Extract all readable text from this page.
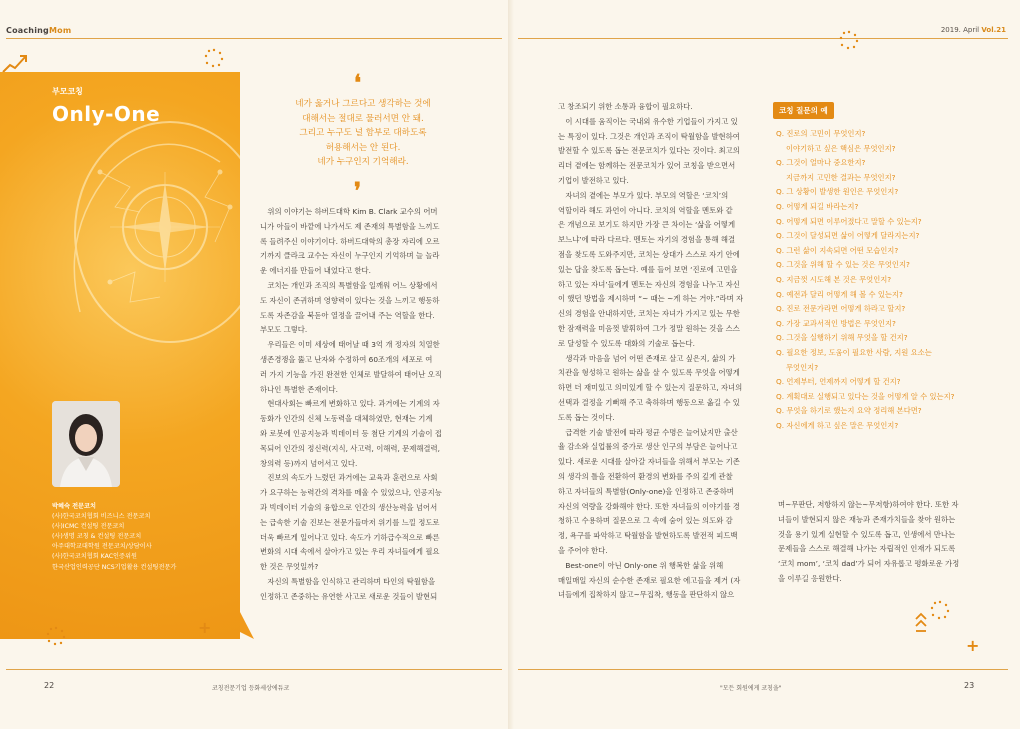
CoachingMom	2019. April Vol.21
부모코칭
Only-One
박혜숙 전문코치
(사)한국코치협회 비즈니스 전문코치
(사)ICMC 컨설팅 전문코치
(사)생명 코칭 & 컨설팅 전문코치
아주대학교대학원 전문코치/상담이사
(사)한국코치협회 KAC인증위원
한국산업인력공단 NCS기업활용 컨설팅전문가
❛
네가 옳거나 그르다고 생각하는 것에
대해서는 절대로 물러서면 안 돼.
그리고 누구도 널 함부로 대하도록
허용해서는 안 된다.
네가 누구인지 기억해라.
❜
　위의 이야기는 하버드대학 Kim B. Clark 교수의 어머
니가 아들이 바깥에 나가서도 제 존재의 특별함을 느끼도
록 들려주신 이야기이다. 하버드대학의 총장 자리에 오르
기까지 클라크 교수는 자신이 누구인지 기억하며 늘 놀라
운 에너지를 만들어 내었다고 한다.
　코치는 개인과 조직의 특별함을 일깨워 어느 상황에서
도 자신이 존귀하며 영향력이 있다는 것을 느끼고 행동하
도록 자존감을 북돋아 열정을 끌어내 주는 역할을 한다.
부모도 그렇다.
　우리들은 이미 세상에 태어날 때 3억 개 정자의 치열한
생존경쟁을 뚫고 난자와 수정하여 60조개의 세포로 여
러 가지 기능을 가진 완전한 인체로 발달하여 태어난 오직
하나인 특별한 존재이다.
　현대사회는 빠르게 변화하고 있다. 과거에는 기계의 자
동화가 인간의 신체 노동력을 대체하였만, 현재는 기계
와 로봇에 인공지능과 빅데이터 등 첨단 기계의 기술이 접
목되어 인간의 정신력(지식, 사고력, 이해력, 문제해결력,
창의력 등)까지 넘어서고 있다.
　진보의 속도가 느렸던 과거에는 교육과 훈련으로 사회
가 요구하는 능력간의 격차를 메울 수 있었으나, 인공지능
과 빅데이터 기술의 융합으로 인간의 생산능력을 넘어서
는 급속한 기술 진보는 전문가들마저 위기를 느낄 정도로
더욱 빠르게 일어나고 있다. 속도가 기하급수적으로 빠른
변화의 시대 속에서 살아가고 있는 우리 자녀들에게 필요
한 것은 무엇일까?
　자신의 특별함을 인식하고 관리하며 타인의 탁월함을
인정하고 존중하는 유연한 사고로 새로운 것들이 발현되
고 창조되기 위한 소통과 융합이 필요하다.
　이 시대를 움직이는 국내외 유수한 기업들이 가지고 있
는 특징이 있다. 그것은 개인과 조직이 탁월함을 발현하여
발전할 수 있도록 돕는 전문코치가 있다는 것이다. 최고의
리더 곁에는 함께하는 전문코치가 있어 코칭을 받으면서
기업이 발전하고 있다.
　자녀의 곁에는 부모가 있다. 부모의 역할은 ‘코치’의
역할이라 해도 과언이 아니다. 코치의 역할을 멘토와 같
은 개념으로 보기도 하지만 가장 큰 차이는 ‘삶을 어떻게
보느냐’에 따라 다르다. 멘토는 자기의 경험을 통해 해결
점을 찾도록 도와주지만, 코치는 상대가 스스로 자기 안에
있는 답을 찾도록 돕는다. 예를 들어 보면 ‘진로에 고민을
하고 있는 자녀’들에게 멘토는 자신의 경험을 나누고 자신
이 했던 방법을 제시하며 “~ 때는 ~게 하는 거야.”라며 자
신의 경험을 안내하지만, 코치는 자녀가 가지고 있는 무한
한 잠재력을 미음껏 발휘하여 그가 정말 원하는 것을 스스
로 달성할 수 있도록 대화의 기술로 돕는다.
　생각과 마음을 넘어 어떤 존재로 살고 싶은지, 삶의 가
치관을 형성하고 원하는 삶을 살 수 있도록 무엇을 어떻게
하면 더 재미있고 의미있게 할 수 있는지 질문하고, 자녀의
선택과 결정을 기뻐해 주고 축하하며 행동으로 옮길 수 있
도록 돕는 것이다.
　급격한 기술 발전에 따라 평균 수명은 늘어났지만 출산
율 감소와 실업률의 증가로 생산 인구의 부담은 늘어나고
있다. 새로운 시대를 살아갈 자녀들을 위해서 부모는 기존
의 생각의 틀을 전환하여 환경의 변화를 주의 깊게 관찰
하고 자녀들의 특별함(Only-one)을 인정하고 존중하며
자신의 역량을 강화해야 한다. 또한 자녀들의 이야기를 경
청하고 수용하며 질문으로 그 속에 숨어 있는 의도와 감
정, 욕구를 파악하고 탁월함을 발현하도록 발전적 피드백
을 주어야 한다.
　Best-one이 아닌 Only-one 위 행복한 삶을 위해
매일매일 자신의 순수한 존재로 필요한 에고들을 제거 (자
녀들에게 집착하지 않고~무집착, 행동을 판단하지 않으
며~무판단, 저항하지 않는~무저항)하여야 한다. 또한 자
녀들이 발현되지 않은 재능과 존재가치들을 찾아 원하는
것을 용기 있게 실현할 수 있도록 돕고, 인생에서 만나는
문제들을 스스로 해결해 나가는 자립적인 인재가 되도록
‘코치 mom’, ‘코치 dad’가 되어 자유롭고 평화로운 가정
을 이루길 응원한다.
코칭 질문의 예
Q. 진로의 고민이 무엇인지?
이야기하고 싶은 핵심은 무엇인지?
Q. 그것이 얼마나 중요한지?
지금까지 고민한 결과는 무엇인지?
Q. 그 상황이 발생한 원인은 무엇인지?
Q. 어떻게 되길 바라는지?
Q. 어떻게 되면 이루어졌다고 말할 수 있는지?
Q. 그것이 달성되면 삶이 어떻게 달라지는지?
Q. 그런 삶이 지속되면 어떤 모습인지?
Q. 그것을 위해 할 수 있는 것은 무엇인지?
Q. 지금껏 시도해 본 것은 무엇인지?
Q. 예전과 달리 어떻게 해 볼 수 있는지?
Q. 진로 전문가라면 어떻게 하라고 할지?
Q. 가장 교과서적인 방법은 무엇인지?
Q. 그것을 실행하기 위해 무엇을 할 건지?
Q. 필요한 정보, 도움이 필요한 사람, 지원 요소는
무엇인지?
Q. 언제부터, 언제까지 어떻게 할 건지?
Q. 계획대로 실행되고 있다는 것을 어떻게 알 수 있는지?
Q. 무엇을 하기로 했는지 요약 정리해 본다면?
Q. 자신에게 하고 싶은 말은 무엇인지?
+
+
22	코칭전문기업 등화세상에듀코	"모든 회원에게 코칭을"	23
